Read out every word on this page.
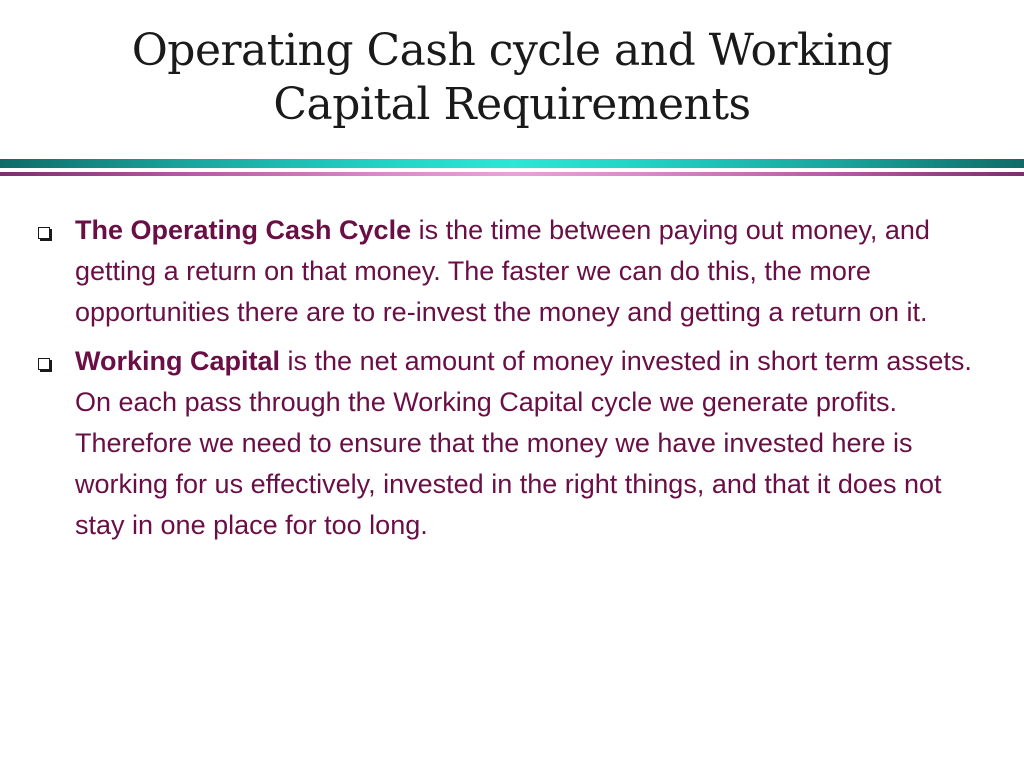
Operating Cash cycle and Working
Capital Requirements
The Operating Cash Cycle is the time between paying out money, and getting a return on that money. The faster we can do this, the more opportunities there are to re-invest the money and getting a return on it.
Working Capital is the net amount of money invested in short term assets. On each pass through the Working Capital cycle we generate profits. Therefore we need to ensure that the money we have invested here is working for us effectively, invested in the right things, and that it does not stay in one place for too long.
